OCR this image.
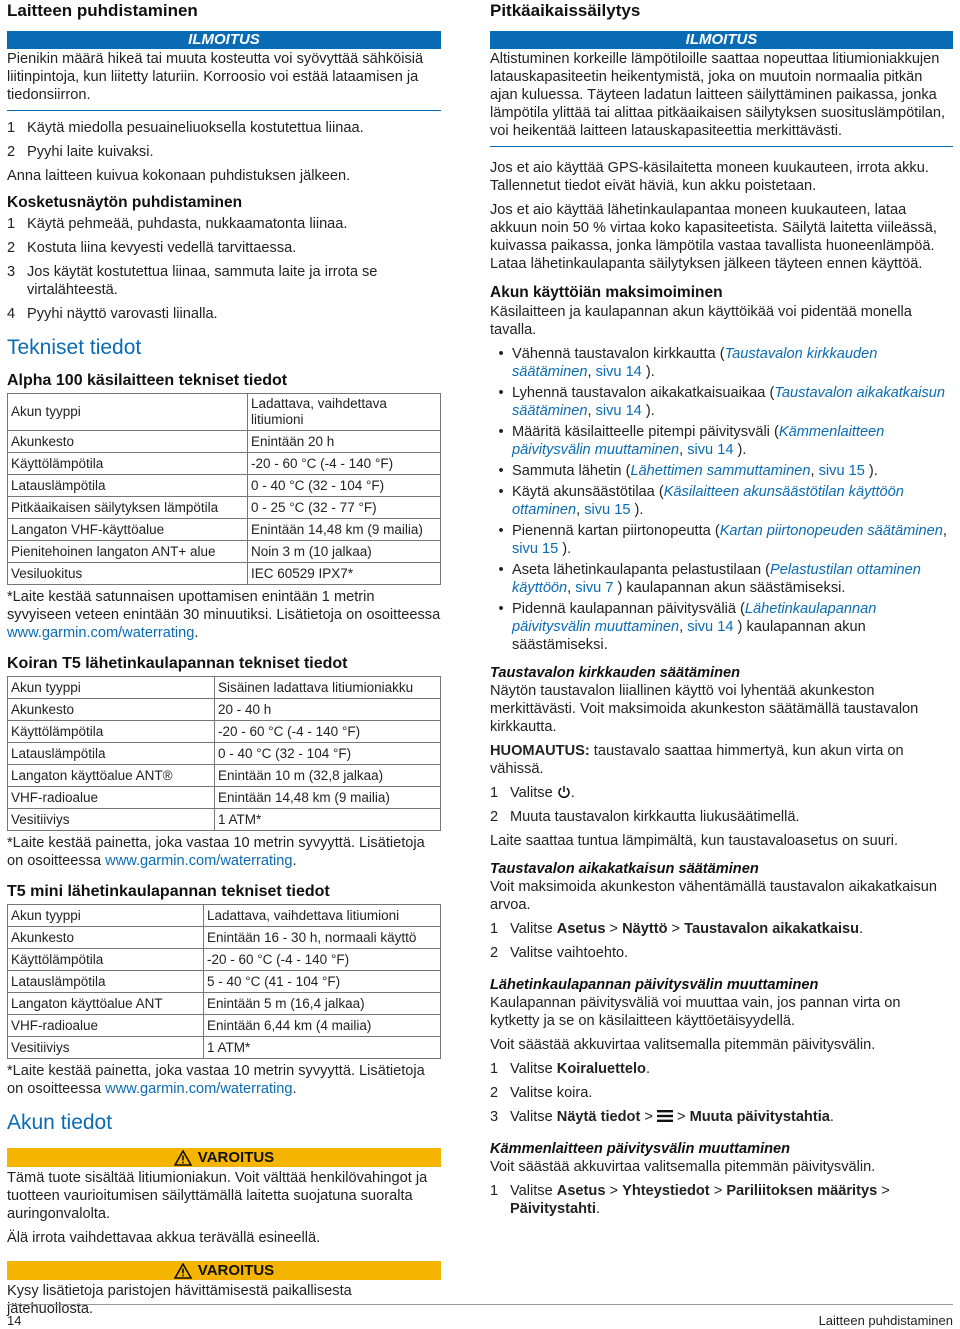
Laitteen puhdistaminen
ILMOITUS
Pienikin määrä hikeä tai muuta kosteutta voi syövyttää sähköisiä liitinpintoja, kun liitetty laturiin. Korroosio voi estää lataamisen ja tiedonsiirron.
1 Käytä miedolla pesuaineliuoksella kostutettua liinaa.
2 Pyyhi laite kuivaksi.
Anna laitteen kuivua kokonaan puhdistuksen jälkeen.
Kosketusnäytön puhdistaminen
1 Käytä pehmeää, puhdasta, nukkaamatonta liinaa.
2 Kostuta liina kevyesti vedellä tarvittaessa.
3 Jos käytät kostutettua liinaa, sammuta laite ja irrota se virtalähteestä.
4 Pyyhi näyttö varovasti liinalla.
Tekniset tiedot
Alpha 100 käsilaitteen tekniset tiedot
Akun tyyppi	Ladattava, vaihdettava litiumioni
Akunkesto	Enintään 20 h
Käyttölämpötila	-20 - 60 °C (-4 - 140 °F)
Latauslämpötila	0 - 40 °C (32 - 104 °F)
Pitkäaikaisen säilytyksen lämpötila	0 - 25 °C (32 - 77 °F)
Langaton VHF-käyttöalue	Enintään 14,48 km (9 mailia)
Pienitehoinen langaton ANT+ alue	Noin 3 m (10 jalkaa)
Vesiluokitus	IEC 60529 IPX7*
*Laite kestää satunnaisen upottamisen enintään 1 metrin syvyiseen veteen enintään 30 minuutiksi. Lisätietoja on osoitteessa www.garmin.com/waterrating.
Koiran T5 lähetinkaulapannan tekniset tiedot
Akun tyyppi	Sisäinen ladattava litiumioniakku
Akunkesto	20 - 40 h
Käyttölämpötila	-20 - 60 °C (-4 - 140 °F)
Latauslämpötila	0 - 40 °C (32 - 104 °F)
Langaton käyttöalue ANT®	Enintään 10 m (32,8 jalkaa)
VHF-radioalue	Enintään 14,48 km (9 mailia)
Vesitiiviys	1 ATM*
*Laite kestää painetta, joka vastaa 10 metrin syvyyttä. Lisätietoja on osoitteessa www.garmin.com/waterrating.
T5 mini lähetinkaulapannan tekniset tiedot
Akun tyyppi	Ladattava, vaihdettava litiumioni
Akunkesto	Enintään 16 - 30 h, normaali käyttö
Käyttölämpötila	-20 - 60 °C (-4 - 140 °F)
Latauslämpötila	5 - 40 °C (41 - 104 °F)
Langaton käyttöalue ANT	Enintään 5 m (16,4 jalkaa)
VHF-radioalue	Enintään 6,44 km (4 mailia)
Vesitiiviys	1 ATM*
*Laite kestää painetta, joka vastaa 10 metrin syvyyttä. Lisätietoja on osoitteessa www.garmin.com/waterrating.
Akun tiedot
VAROITUS
Tämä tuote sisältää litiumioniakun. Voit välttää henkilövahingot ja tuotteen vaurioitumisen säilyttämällä laitetta suojatuna suoralta auringonvalolta.
Älä irrota vaihdettavaa akkua terävällä esineellä.
VAROITUS
Kysy lisätietoja paristojen hävittämisestä paikallisesta jätehuollosta.
Pitkäaikaissäilytys
ILMOITUS
Altistuminen korkeille lämpötiloille saattaa nopeuttaa litiumioniakkujen latauskapasiteetin heikentymistä, joka on muutoin normaalia pitkän ajan kuluessa. Täyteen ladatun laitteen säilyttäminen paikassa, jonka lämpötila ylittää tai alittaa pitkäaikaisen säilytyksen suosituslämpötilan, voi heikentää laitteen latauskapasiteettia merkittävästi.
Jos et aio käyttää GPS-käsilaitetta moneen kuukauteen, irrota akku. Tallennetut tiedot eivät häviä, kun akku poistetaan.
Jos et aio käyttää lähetinkaulapantaa moneen kuukauteen, lataa akkuun noin 50 % virtaa koko kapasiteetista. Säilytä laitetta viileässä, kuivassa paikassa, jonka lämpötila vastaa tavallista huoneenlämpöä. Lataa lähetinkaulapanta säilytyksen jälkeen täyteen ennen käyttöä.
Akun käyttöiän maksimoiminen
Käsilaitteen ja kaulapannan akun käyttöikää voi pidentää monella tavalla.
• Vähennä taustavalon kirkkautta (Taustavalon kirkkauden säätäminen, sivu 14 ).
• Lyhennä taustavalon aikakatkaisuaikaa (Taustavalon aikakatkaisun säätäminen, sivu 14 ).
• Määritä käsilaitteelle pitempi päivitysväli (Kämmenlaitteen päivitysvälin muuttaminen, sivu 14 ).
• Sammuta lähetin (Lähettimen sammuttaminen, sivu 15 ).
• Käytä akunsäästötilaa (Käsilaitteen akunsäästötilan käyttöön ottaminen, sivu 15 ).
• Pienennä kartan piirtonopeutta (Kartan piirtonopeuden säätäminen, sivu 15 ).
• Aseta lähetinkaulapanta pelastustilaan (Pelastustilan ottaminen käyttöön, sivu 7 ) kaulapannan akun säästämiseksi.
• Pidennä kaulapannan päivitysväliä (Lähetinkaulapannan päivitysvälin muuttaminen, sivu 14 ) kaulapannan akun säästämiseksi.
Taustavalon kirkkauden säätäminen
Näytön taustavalon liiallinen käyttö voi lyhentää akunkeston merkittävästi. Voit maksimoida akunkeston säätämällä taustavalon kirkkautta.
HUOMAUTUS: taustavalo saattaa himmertyä, kun akun virta on vähissä.
1 Valitse .
2 Muuta taustavalon kirkkautta liukusäätimellä.
Laite saattaa tuntua lämpimältä, kun taustavaloasetus on suuri.
Taustavalon aikakatkaisun säätäminen
Voit maksimoida akunkeston vähentämällä taustavalon aikakatkaisun arvoa.
1 Valitse Asetus > Näyttö > Taustavalon aikakatkaisu.
2 Valitse vaihtoehto.
Lähetinkaulapannan päivitysvälin muuttaminen
Kaulapannan päivitysväliä voi muuttaa vain, jos pannan virta on kytketty ja se on käsilaitteen käyttöetäisyydellä.
Voit säästää akkuvirtaa valitsemalla pitemmän päivitysvälin.
1 Valitse Koiraluettelo.
2 Valitse koira.
3 Valitse Näytä tiedot >  > Muuta päivitystahtia.
Kämmenlaitteen päivitysvälin muuttaminen
Voit säästää akkuvirtaa valitsemalla pitemmän päivitysvälin.
1 Valitse Asetus > Yhteystiedot > Pariliitoksen määritys > Päivitystahti.
14	Laitteen puhdistaminen
